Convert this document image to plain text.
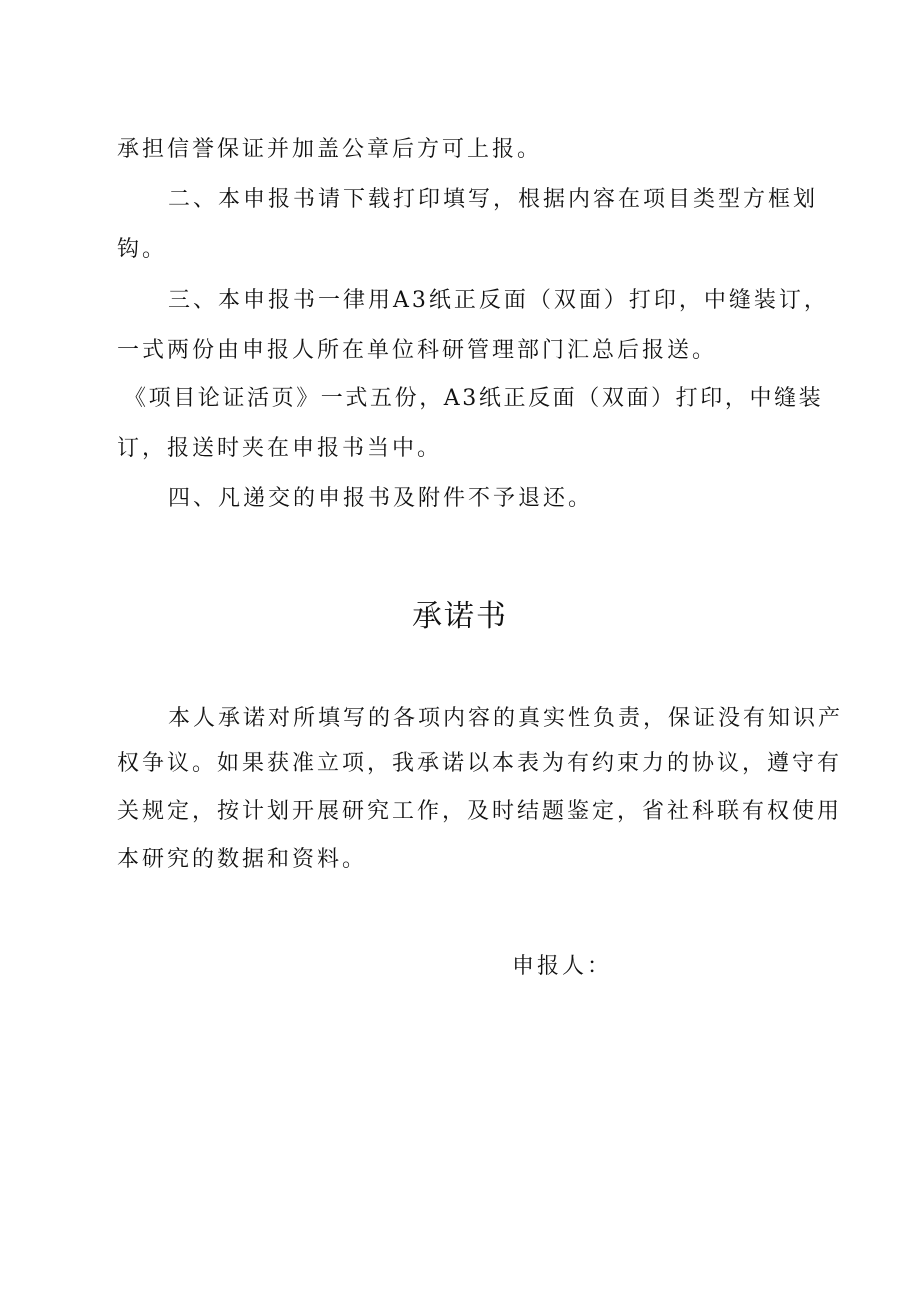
承担信誉保证并加盖公章后方可上报。
二、本申报书请下载打印填写，根据内容在项目类型方框划
钩。
三、本申报书一律用A3纸正反面（双面）打印，中缝装订，
一式两份由申报人所在单位科研管理部门汇总后报送。
《项目论证活页》一式五份，A3纸正反面（双面）打印，中缝装
订，报送时夹在申报书当中。
四、凡递交的申报书及附件不予退还。
承诺书
本人承诺对所填写的各项内容的真实性负责，保证没有知识产
权争议。如果获准立项，我承诺以本表为有约束力的协议，遵守有
关规定，按计划开展研究工作，及时结题鉴定，省社科联有权使用
本研究的数据和资料。
申报人：
